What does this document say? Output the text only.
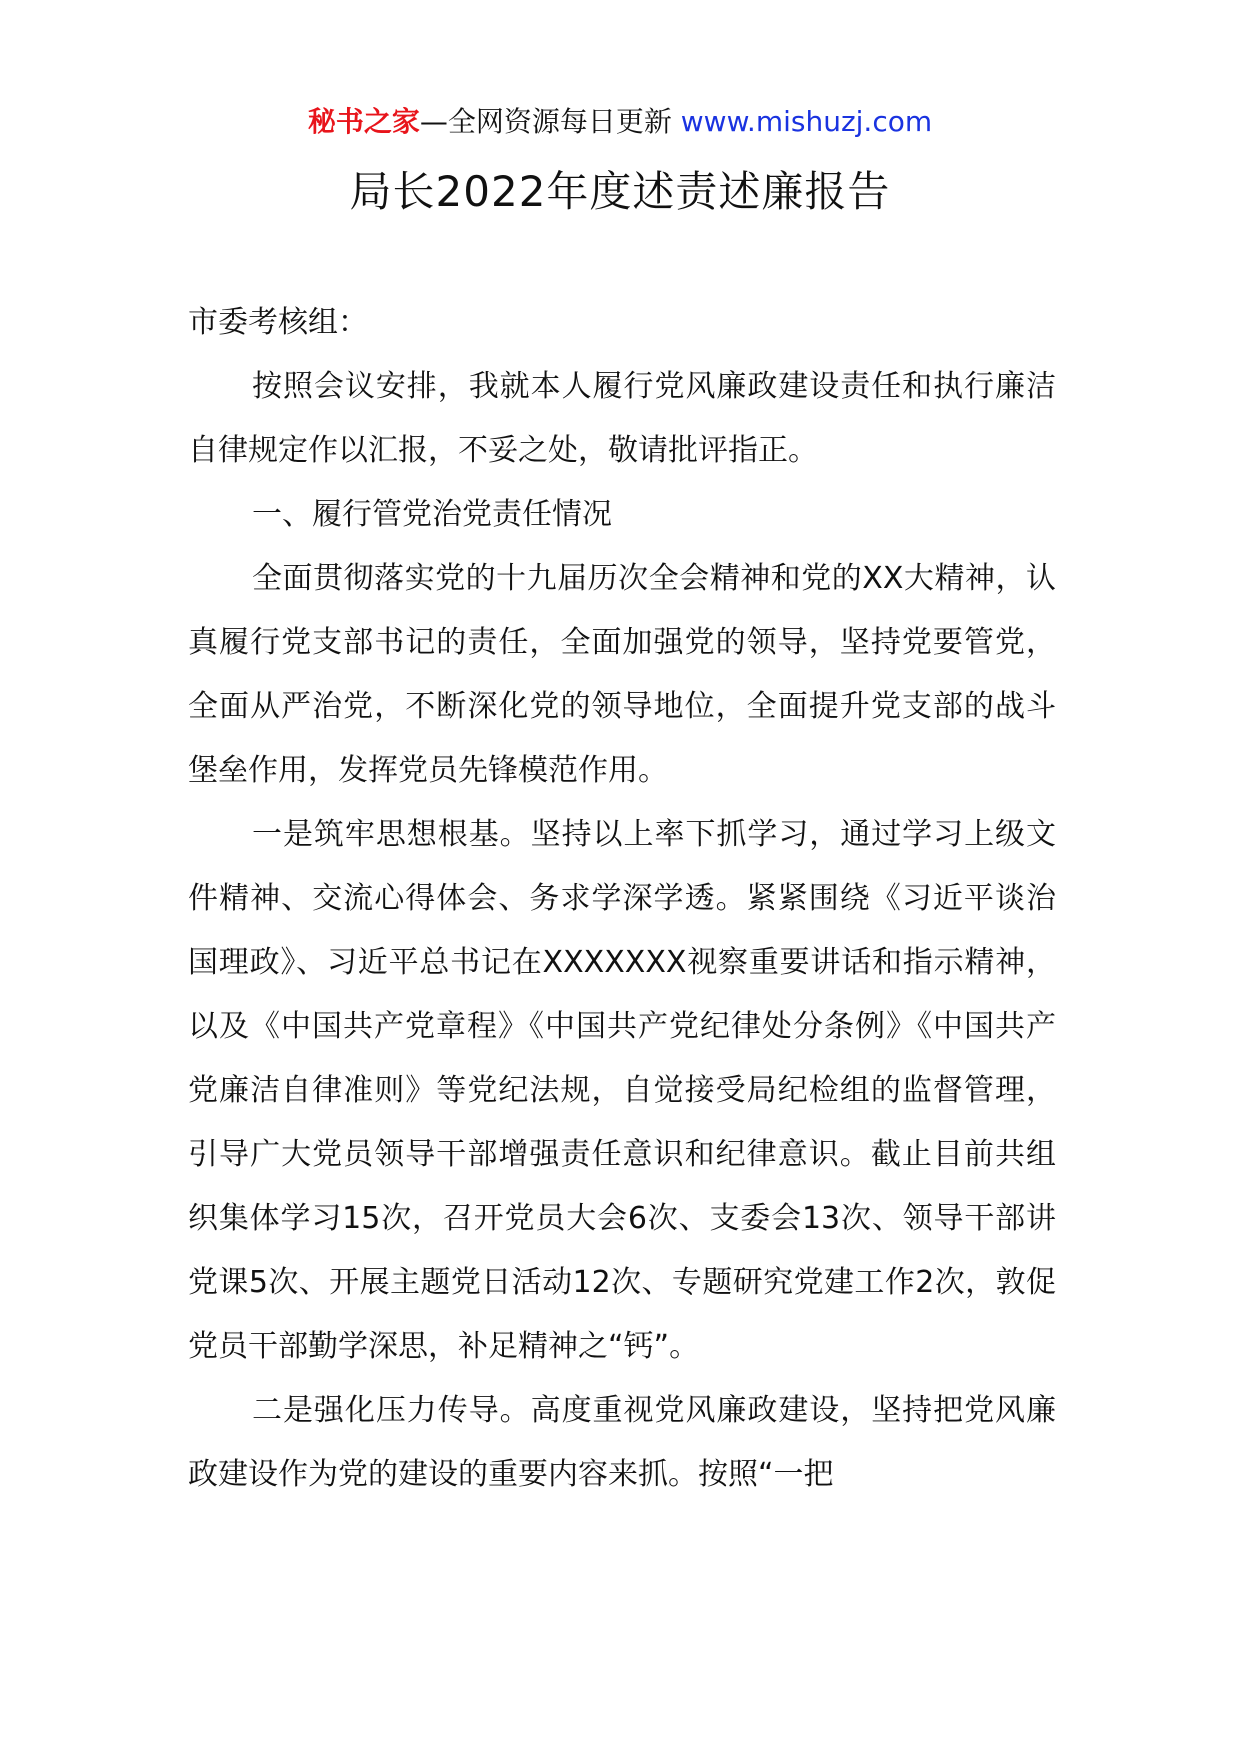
秘书之家—全网资源每日更新 www.mishuzj.com
局长2022年度述责述廉报告

市委考核组：

按照会议安排，我就本人履行党风廉政建设责任和执行廉洁自律规定作以汇报，不妥之处，敬请批评指正。

一、履行管党治党责任情况

全面贯彻落实党的十九届历次全会精神和党的XX大精神，认真履行党支部书记的责任，全面加强党的领导，坚持党要管党，全面从严治党，不断深化党的领导地位，全面提升党支部的战斗堡垒作用，发挥党员先锋模范作用。

一是筑牢思想根基。坚持以上率下抓学习，通过学习上级文件精神、交流心得体会、务求学深学透。紧紧围绕《习近平谈治国理政》、习近平总书记在XXXXXXX视察重要讲话和指示精神，以及《中国共产党章程》《中国共产党纪律处分条例》《中国共产党廉洁自律准则》等党纪法规，自觉接受局纪检组的监督管理，引导广大党员领导干部增强责任意识和纪律意识。截止目前共组织集体学习15次，召开党员大会6次、支委会13次、领导干部讲党课5次、开展主题党日活动12次、专题研究党建工作2次，敦促党员干部勤学深思，补足精神之“钙”。

二是强化压力传导。高度重视党风廉政建设，坚持把党风廉政建设作为党的建设的重要内容来抓。按照“一把
